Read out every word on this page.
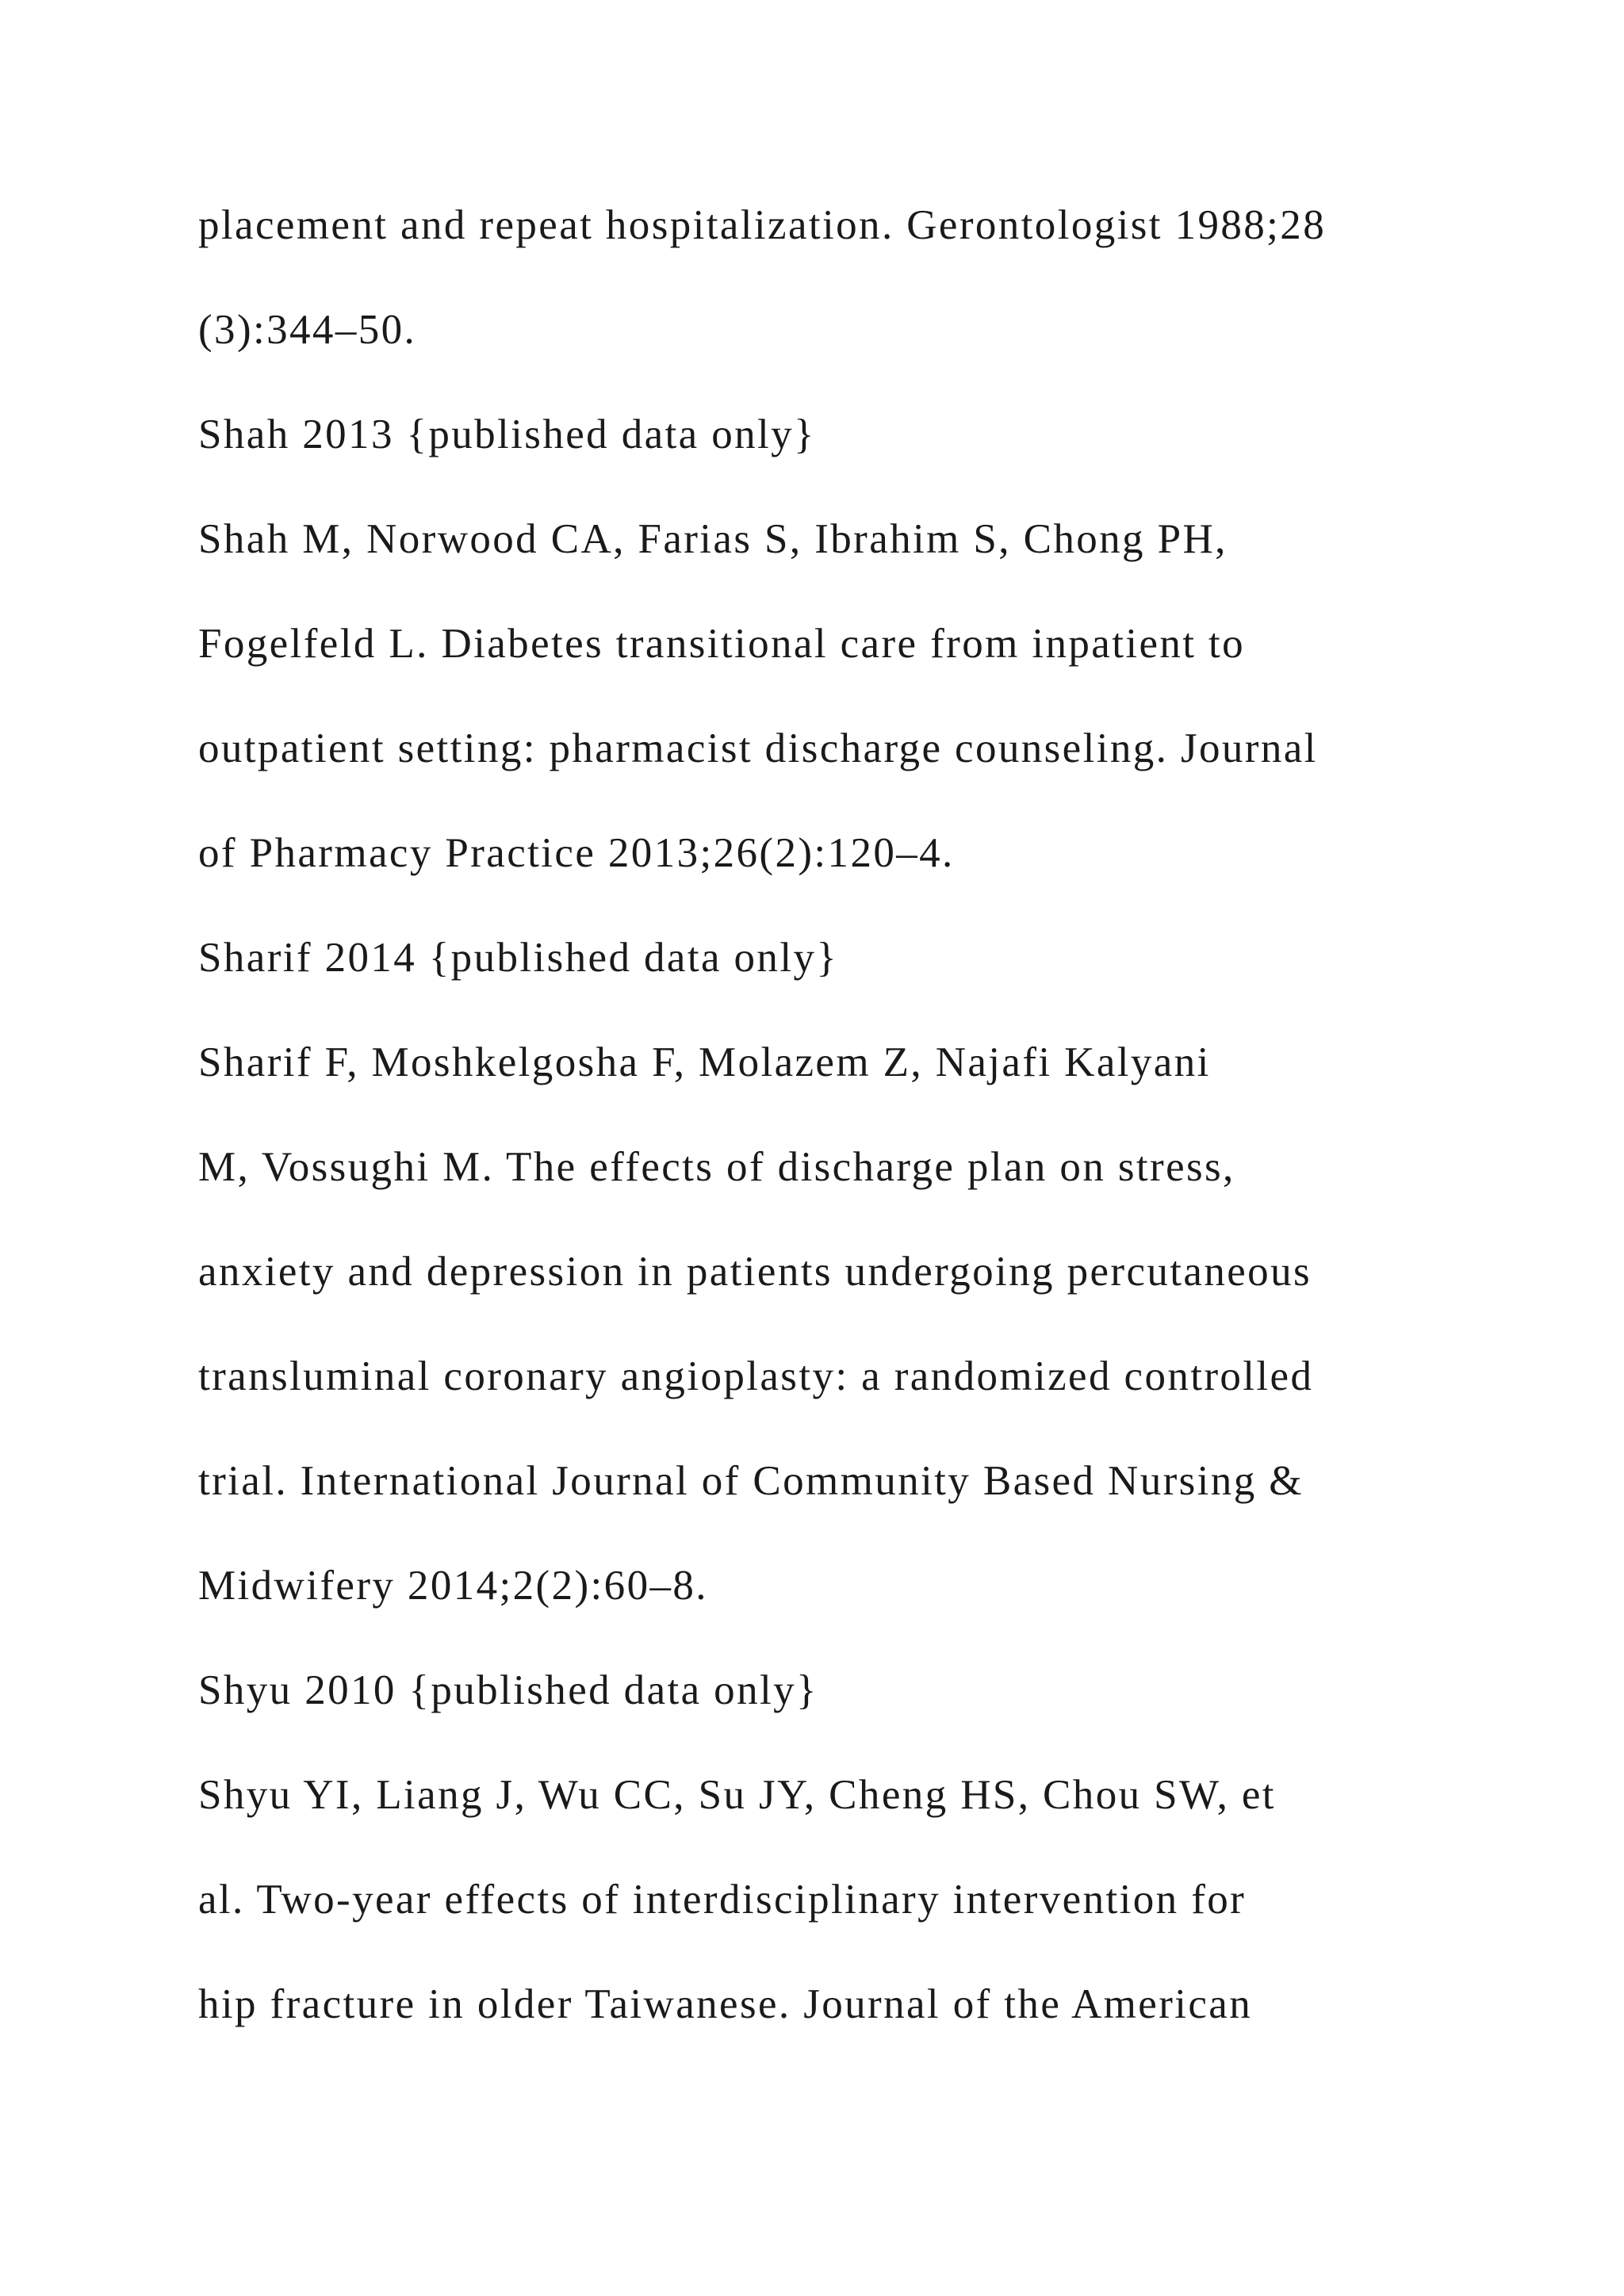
placement and repeat hospitalization. Gerontologist 1988;28

(3):344–50.

Shah 2013 {published data only}

Shah M, Norwood CA, Farias S, Ibrahim S, Chong PH,

Fogelfeld L. Diabetes transitional care from inpatient to

outpatient setting: pharmacist discharge counseling. Journal

of Pharmacy Practice 2013;26(2):120–4.

Sharif 2014 {published data only}

Sharif F, Moshkelgosha F, Molazem Z, Najafi Kalyani

M, Vossughi M. The effects of discharge plan on stress,

anxiety and depression in patients undergoing percutaneous

transluminal coronary angioplasty: a randomized controlled

trial. International Journal of Community Based Nursing &

Midwifery 2014;2(2):60–8.

Shyu 2010 {published data only}

Shyu YI, Liang J, Wu CC, Su JY, Cheng HS, Chou SW, et

al. Two-year effects of interdisciplinary intervention for

hip fracture in older Taiwanese. Journal of the American
